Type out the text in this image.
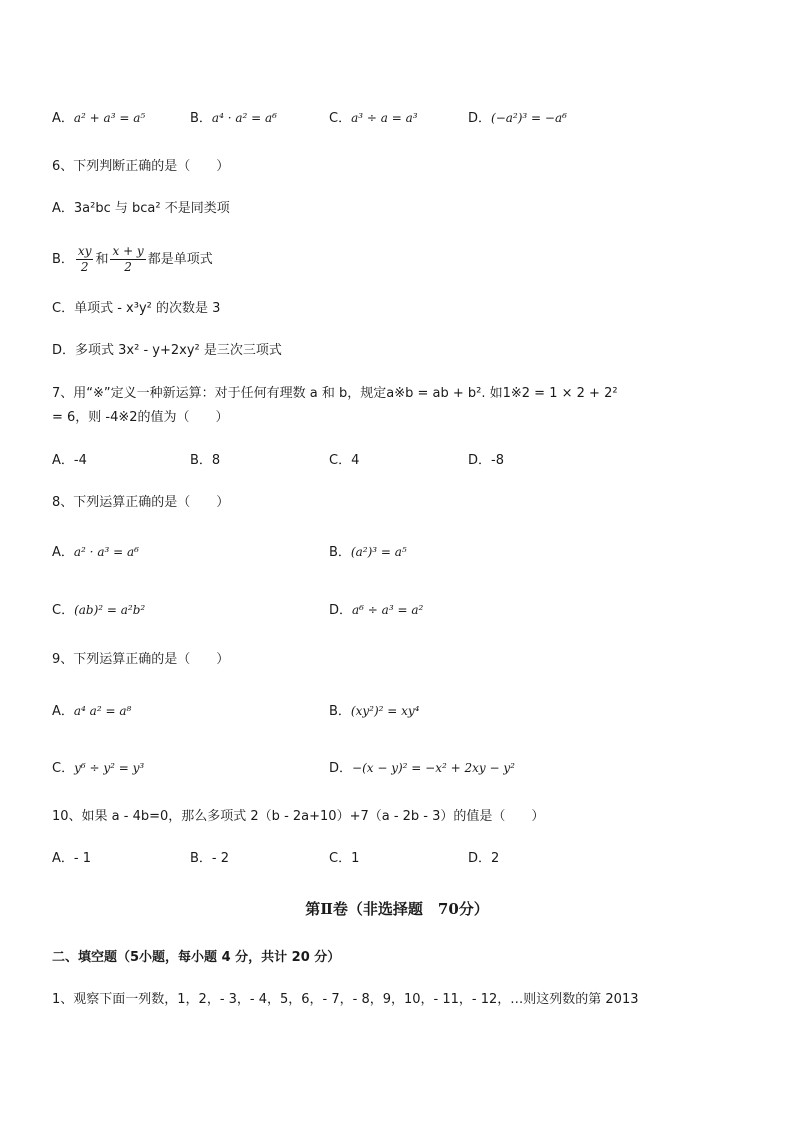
A．a² + a³ = a⁵	B．a⁴ · a² = a⁶	C．a³ ÷ a = a³	D．(−a²)³ = −a⁶
6、下列判断正确的是（　　）
A．3a²bc 与 bca² 不是同类项
B． $\frac{xy}{2}$ 和 $\frac{x + y}{2}$ 都是单项式
C．单项式 - x³y² 的次数是 3
D．多项式 3x² - y+2xy² 是三次三项式
7、用“※”定义一种新运算：对于任何有理数 a 和 b，规定a※b = ab + b². 如1※2 = 1 × 2 + 2²
= 6，则 -4※2的值为（　　）
A．-4	B．8	C．4	D．-8
8、下列运算正确的是（　　）
A．a² · a³ = a⁶	B．(a²)³ = a⁵
C．(ab)² = a²b²	D．a⁶ ÷ a³ = a²
9、下列运算正确的是（　　）
A．a⁴ a² = a⁸	B．(xy²)² = xy⁴
C．y⁶ ÷ y² = y³	D．−(x − y)² = −x² + 2xy − y²
10、如果 a - 4b=0，那么多项式 2（b - 2a+10）+7（a - 2b - 3）的值是（　　）
A．- 1	B．- 2	C．1	D．2
第Ⅱ卷（非选择题　70分）
二、填空题（5小题，每小题 4 分，共计 20 分）
1、观察下面一列数，1，2，- 3，- 4，5，6，- 7，- 8，9，10，- 11，- 12，…则这列数的第 2013
